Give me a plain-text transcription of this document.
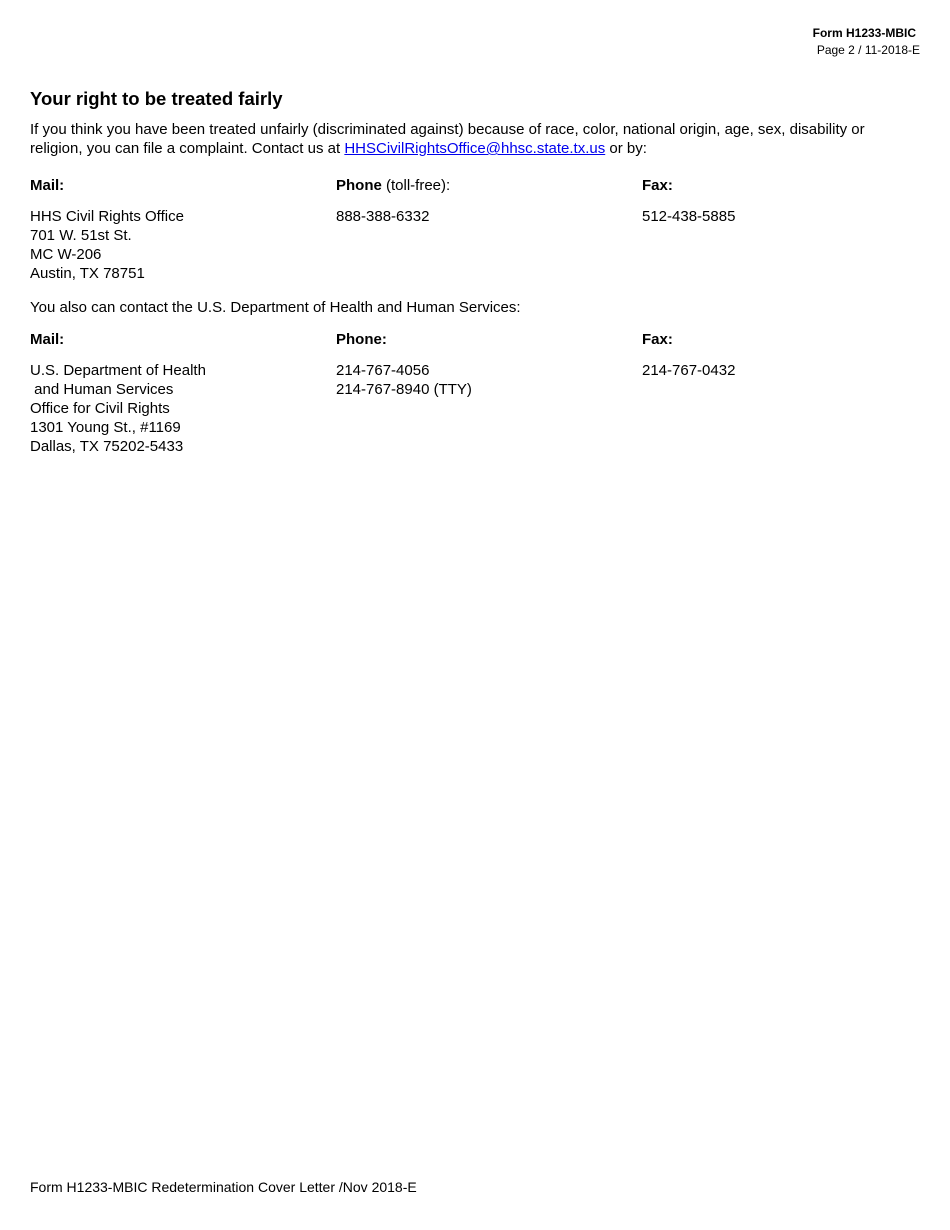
Form H1233-MBIC
Page 2 / 11-2018-E
Your right to be treated fairly

If you think you have been treated unfairly (discriminated against) because of race, color, national origin, age, sex, disability or religion, you can file a complaint. Contact us at HHSCivilRightsOffice@hhsc.state.tx.us or by:

Mail:
HHS Civil Rights Office
701 W. 51st St.
MC W-206
Austin, TX 78751
Phone (toll-free):
888-388-6332
Fax:
512-438-5885
You also can contact the U.S. Department of Health and Human Services:
Mail:
U.S. Department of Health
and Human Services
Office for Civil Rights
1301 Young St., #1169
Dallas, TX 75202-5433
Phone:
214-767-4056
214-767-8940 (TTY)
Fax:
214-767-0432
Form H1233-MBIC Redetermination Cover Letter /Nov 2018-E
